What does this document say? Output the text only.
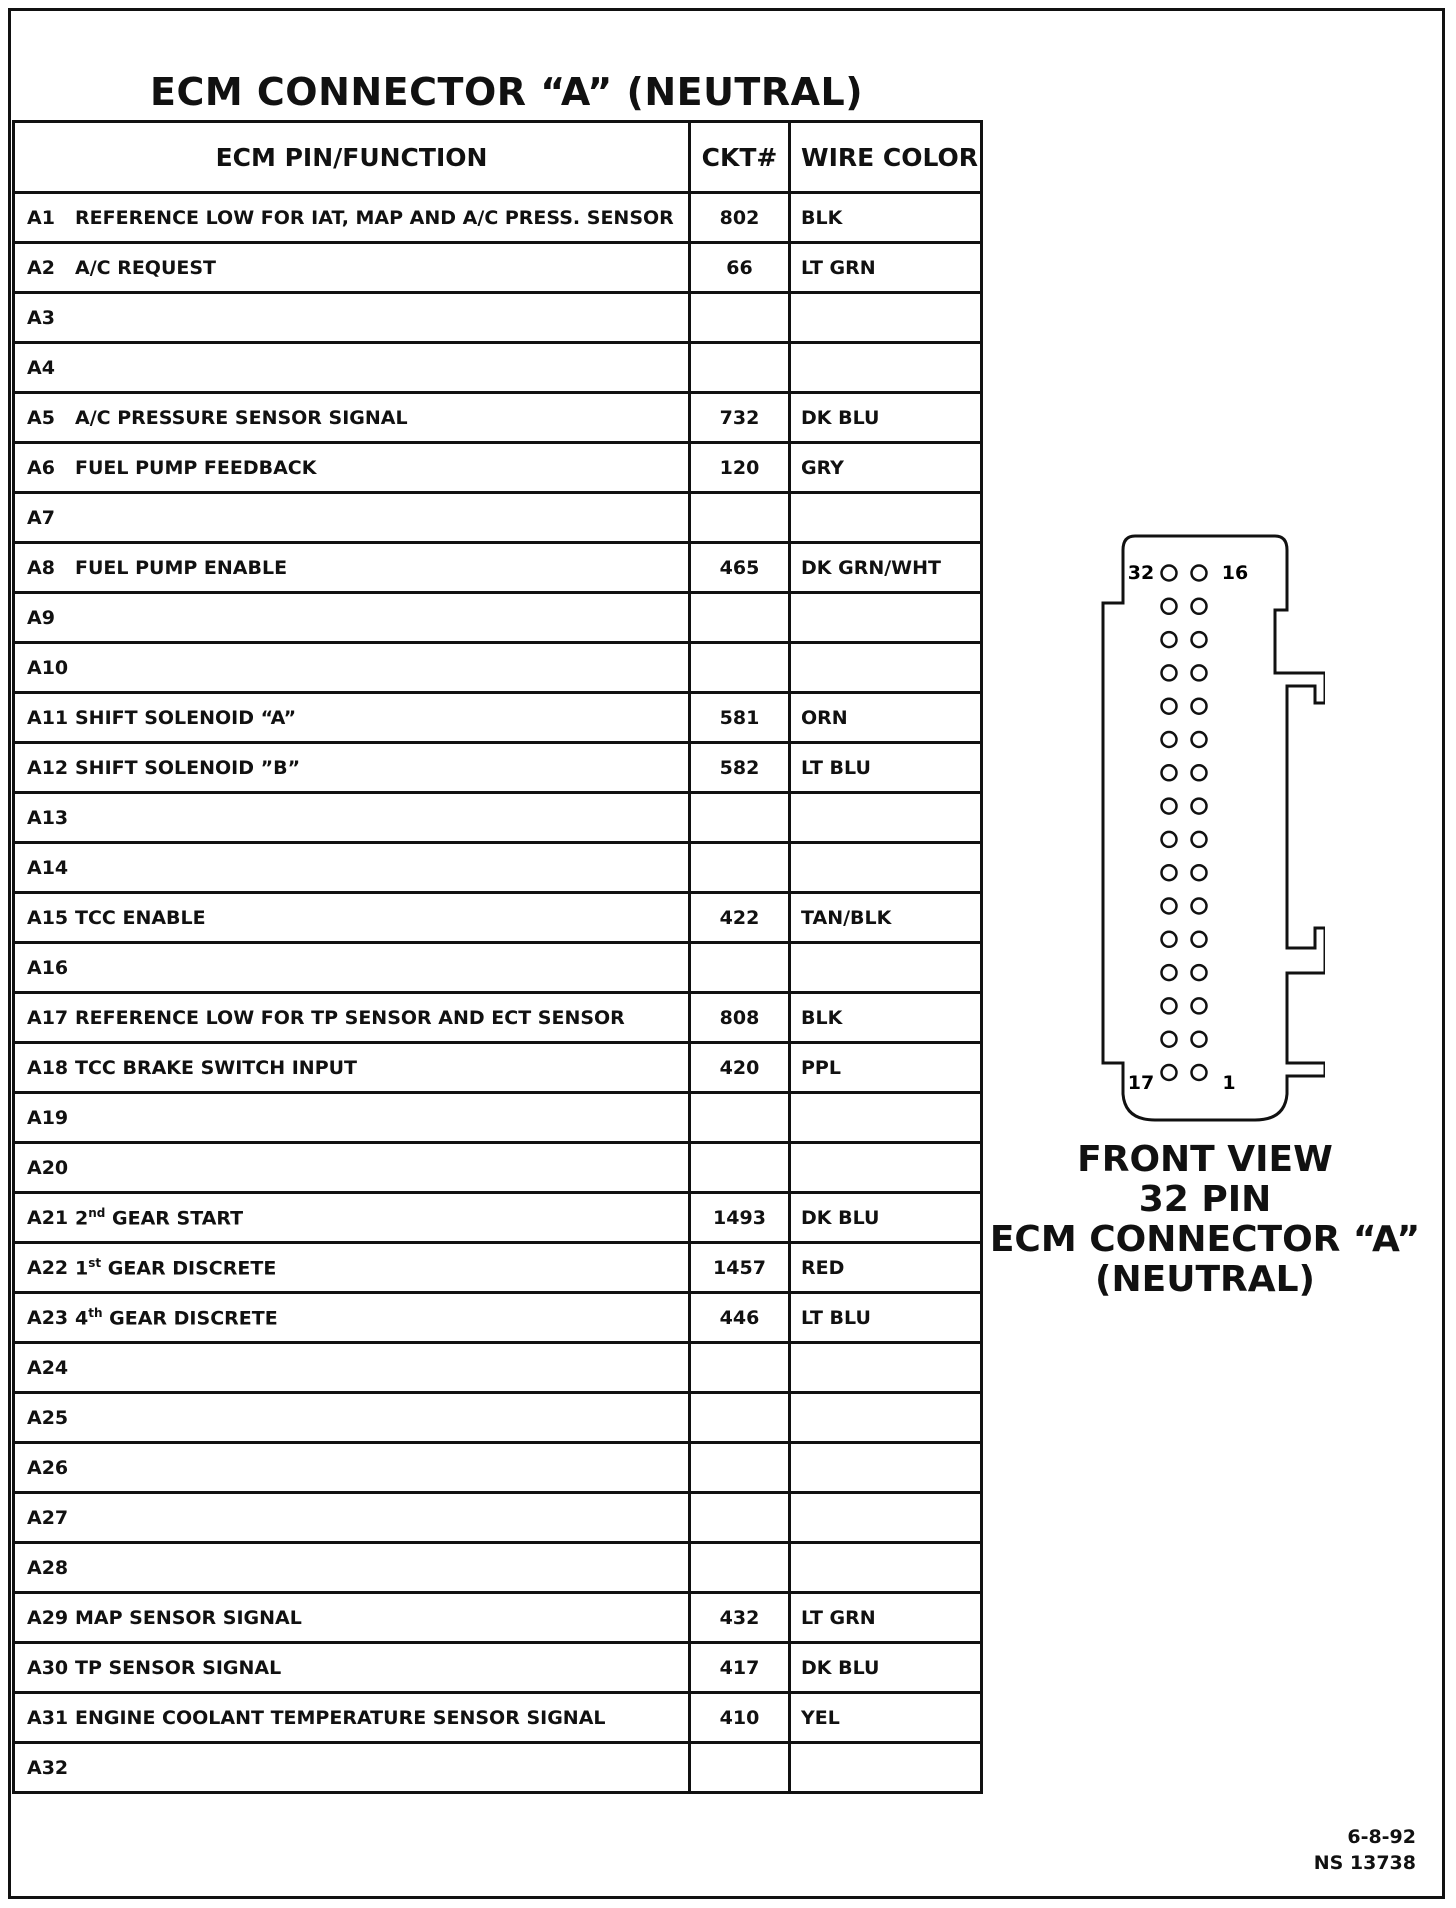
ECM CONNECTOR “A” (NEUTRAL)
ECM PIN/FUNCTION	CKT#	WIRE COLOR
A1 REFERENCE LOW FOR IAT, MAP AND A/C PRESS. SENSOR	802	BLK
A2 A/C REQUEST	66	LT GRN
A3		
A4		
A5 A/C PRESSURE SENSOR SIGNAL	732	DK BLU
A6 FUEL PUMP FEEDBACK	120	GRY
A7		
A8 FUEL PUMP ENABLE	465	DK GRN/WHT
A9		
A10		
A11 SHIFT SOLENOID “A”	581	ORN
A12 SHIFT SOLENOID ”B”	582	LT BLU
A13		
A14		
A15 TCC ENABLE	422	TAN/BLK
A16		
A17 REFERENCE LOW FOR TP SENSOR AND ECT SENSOR	808	BLK
A18 TCC BRAKE SWITCH INPUT	420	PPL
A19		
A20		
A21 2nd GEAR START	1493	DK BLU
A22 1st GEAR DISCRETE	1457	RED
A23 4th GEAR DISCRETE	446	LT BLU
A24		
A25		
A26		
A27		
A28		
A29 MAP SENSOR SIGNAL	432	LT GRN
A30 TP SENSOR SIGNAL	417	DK BLU
A31 ENGINE COOLANT TEMPERATURE SENSOR SIGNAL	410	YEL
A32		
32	16
17	1
FRONT VIEW
32 PIN
ECM CONNECTOR “A”
(NEUTRAL)
6-8-92
NS 13738
